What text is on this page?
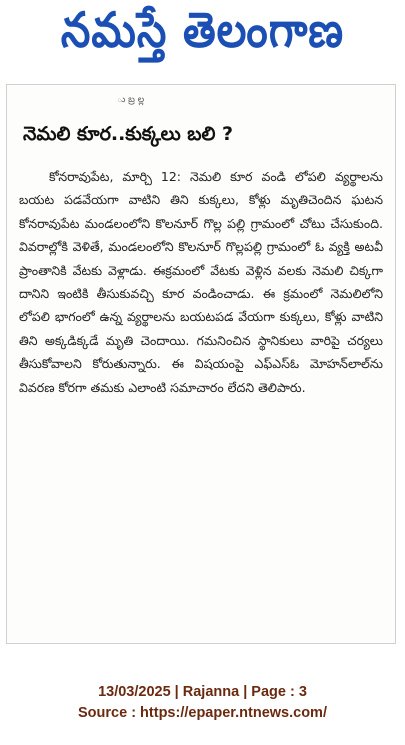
నమస్తే తెలంగాణ
ు బ్ర ల్ల
నెమలి కూర..కుక్కలు బలి ?
కోనరావుపేట, మార్చి 12: నెమలి కూర వండి లోపలి వ్యర్థాలను బయట పడవేయగా వాటిని తిని కుక్కలు, కోళ్లు మృతిచెందిన ఘటన కోనరావుపేట మండలంలోని కొలనూర్ గొల్ల పల్లి గ్రామంలో చోటు చేసుకుంది. వివరాల్లోకి వెళితే, మండలంలోని కొలనూర్ గొల్లపల్లి గ్రామంలో ఓ వ్యక్తి అటవీ ప్రాంతానికి వేటకు వెళ్లాడు. ఈక్రమంలో వేటకు వెళ్లిన వలకు నెమలి చిక్కగా దానిని ఇంటికి తీసుకువచ్చి కూర వండించాడు. ఈ క్రమంలో నెమలిలోని లోపలి భాగంలో ఉన్న వ్యర్థాలను బయటపడ వేయగా కుక్కలు, కోళ్లు వాటిని తిని అక్కడిక్కడే మృతి చెందాయి. గమనించిన స్థానికులు వారిపై చర్యలు తీసుకోవాలని కోరుతున్నారు. ఈ విషయంపై ఎఫ్ఎస్ఓ మోహన్‌లాల్‌ను వివరణ కోరగా తమకు ఎలాంటి సమాచారం లేదని తెలిపారు.
13/03/2025 | Rajanna | Page : 3
Source : https://epaper.ntnews.com/
